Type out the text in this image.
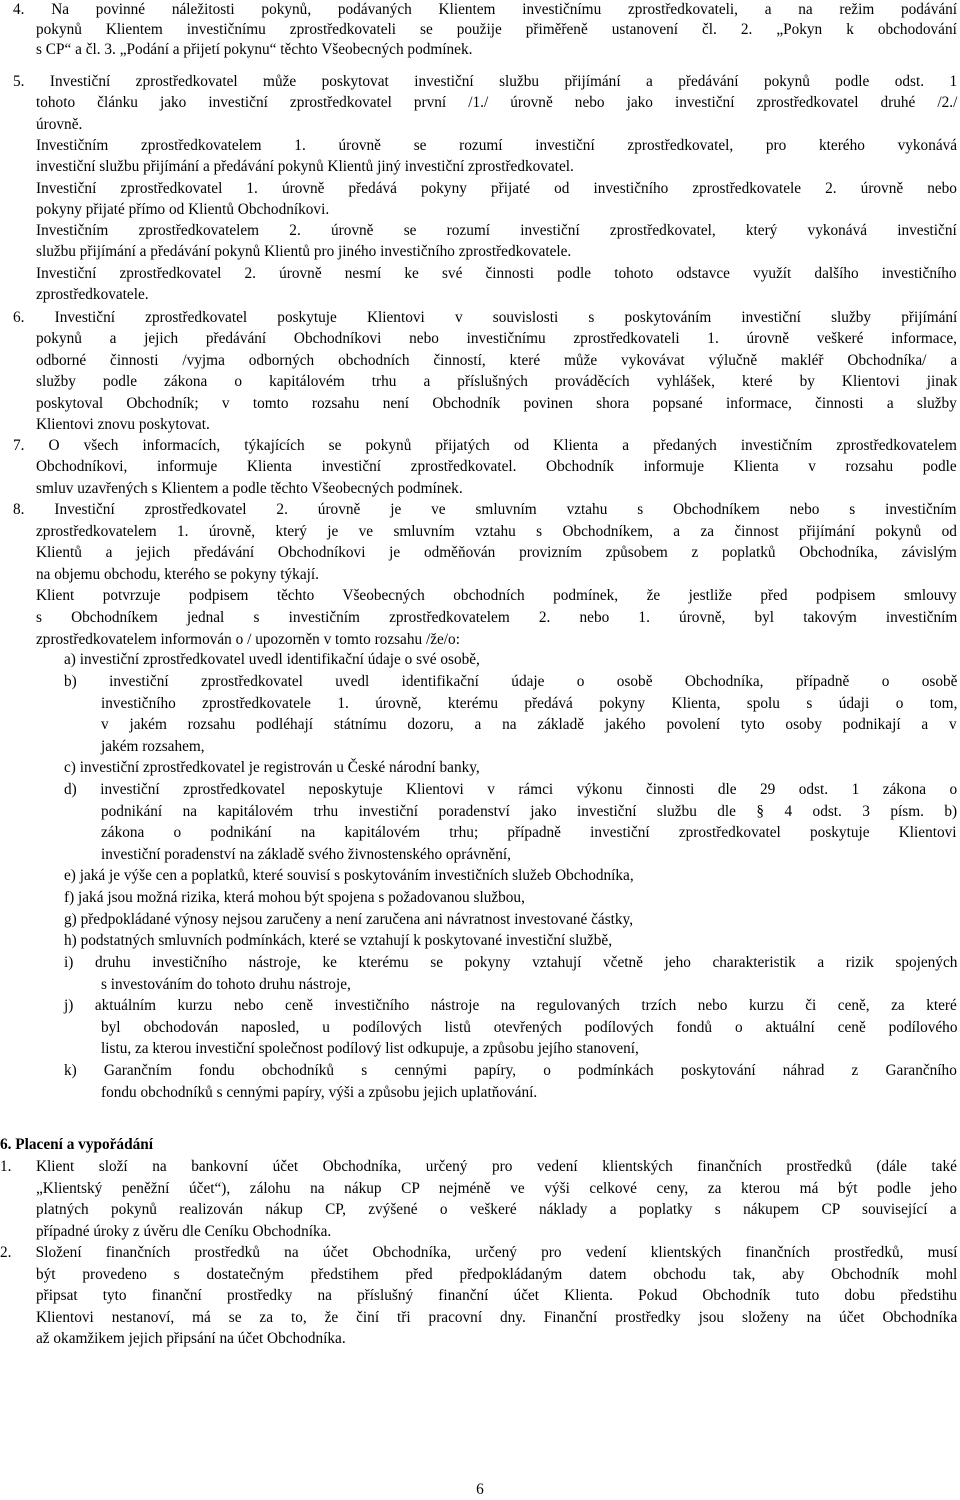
4. Na povinné náležitosti pokynů, podávaných Klientem investičnímu zprostředkovateli, a na režim podávání
pokynů Klientem investičnímu zprostředkovateli se použije přiměřeně ustanovení čl. 2. „Pokyn k obchodování
s CP“ a čl. 3. „Podání a přijetí pokynu“ těchto Všeobecných podmínek.
5. Investiční zprostředkovatel může poskytovat investiční službu přijímání a předávání pokynů podle odst. 1
tohoto článku jako investiční zprostředkovatel první /1./ úrovně nebo jako investiční zprostředkovatel druhé /2./
úrovně.
Investičním zprostředkovatelem 1. úrovně se rozumí investiční zprostředkovatel, pro kterého vykonává
investiční službu přijímání a předávání pokynů Klientů jiný investiční zprostředkovatel.
Investiční zprostředkovatel 1. úrovně předává pokyny přijaté od investičního zprostředkovatele 2. úrovně nebo
pokyny přijaté přímo od Klientů Obchodníkovi.
Investičním zprostředkovatelem 2. úrovně se rozumí investiční zprostředkovatel, který vykonává investiční
službu přijímání a předávání pokynů Klientů pro jiného investičního zprostředkovatele.
Investiční zprostředkovatel 2. úrovně nesmí ke své činnosti podle tohoto odstavce využít dalšího investičního
zprostředkovatele.
6. Investiční zprostředkovatel poskytuje Klientovi v souvislosti s poskytováním investiční služby přijímání
pokynů a jejich předávání Obchodníkovi nebo investičnímu zprostředkovateli 1. úrovně veškeré informace,
odborné činnosti /vyjma odborných obchodních činností, které může vykovávat výlučně makléř Obchodníka/ a
služby podle zákona o kapitálovém trhu a příslušných prováděcích vyhlášek, které by Klientovi jinak
poskytoval Obchodník; v tomto rozsahu není Obchodník povinen shora popsané informace, činnosti a služby
Klientovi znovu poskytovat.
7. O všech informacích, týkajících se pokynů přijatých od Klienta a předaných investičním zprostředkovatelem
Obchodníkovi, informuje Klienta investiční zprostředkovatel. Obchodník informuje Klienta v rozsahu podle
smluv uzavřených s Klientem a podle těchto Všeobecných podmínek.
8. Investiční zprostředkovatel 2. úrovně je ve smluvním vztahu s Obchodníkem nebo s investičním
zprostředkovatelem 1. úrovně, který je ve smluvním vztahu s Obchodníkem, a za činnost přijímání pokynů od
Klientů a jejich předávání Obchodníkovi je odměňován provizním způsobem z poplatků Obchodníka, závislým
na objemu obchodu, kterého se pokyny týkají.
Klient potvrzuje podpisem těchto Všeobecných obchodních podmínek, že jestliže před podpisem smlouvy
s Obchodníkem jednal s investičním zprostředkovatelem 2. nebo 1. úrovně, byl takovým investičním
zprostředkovatelem informován o / upozorněn v tomto rozsahu /že/o:
a) investiční zprostředkovatel uvedl identifikační údaje o své osobě,
b) investiční zprostředkovatel uvedl identifikační údaje o osobě Obchodníka, případně o osobě
investičního zprostředkovatele 1. úrovně, kterému předává pokyny Klienta, spolu s údaji o tom,
v jakém rozsahu podléhají státnímu dozoru, a na základě jakého povolení tyto osoby podnikají a v
jakém rozsahem,
c) investiční zprostředkovatel je registrován u České národní banky,
d) investiční zprostředkovatel neposkytuje Klientovi v rámci výkonu činnosti dle 29 odst. 1 zákona o
podnikání na kapitálovém trhu investiční poradenství jako investiční službu dle § 4 odst. 3 písm. b)
zákona o podnikání na kapitálovém trhu; případně investiční zprostředkovatel poskytuje Klientovi
investiční poradenství na základě svého živnostenského oprávnění,
e) jaká je výše cen a poplatků, které souvisí s poskytováním investičních služeb Obchodníka,
f) jaká jsou možná rizika, která mohou být spojena s požadovanou službou,
g) předpokládané výnosy nejsou zaručeny a není zaručena ani návratnost investované částky,
h) podstatných smluvních podmínkách, které se vztahují k poskytované investiční službě,
i) druhu investičního nástroje, ke kterému se pokyny vztahují včetně jeho charakteristik a rizik spojených
s investováním do tohoto druhu nástroje,
j) aktuálním kurzu nebo ceně investičního nástroje na regulovaných trzích nebo kurzu či ceně, za které
byl obchodován naposled, u podílových listů otevřených podílových fondů o aktuální ceně podílového
listu, za kterou investiční společnost podílový list odkupuje, a způsobu jejího stanovení,
k) Garančním fondu obchodníků s cennými papíry, o podmínkách poskytování náhrad z Garančního
fondu obchodníků s cennými papíry, výši a způsobu jejich uplatňování.
6. Placení a vypořádání
1. Klient složí na bankovní účet Obchodníka, určený pro vedení klientských finančních prostředků (dále také
„Klientský peněžní účet“), zálohu na nákup CP nejméně ve výši celkové ceny, za kterou má být podle jeho
platných pokynů realizován nákup CP, zvýšené o veškeré náklady a poplatky s nákupem CP související a
případné úroky z úvěru dle Ceníku Obchodníka.
2. Složení finančních prostředků na účet Obchodníka, určený pro vedení klientských finančních prostředků, musí
být provedeno s dostatečným předstihem před předpokládaným datem obchodu tak, aby Obchodník mohl
připsat tyto finanční prostředky na příslušný finanční účet Klienta. Pokud Obchodník tuto dobu předstihu
Klientovi nestanoví, má se za to, že činí tři pracovní dny. Finanční prostředky jsou složeny na účet Obchodníka
až okamžikem jejich připsání na účet Obchodníka.
6
